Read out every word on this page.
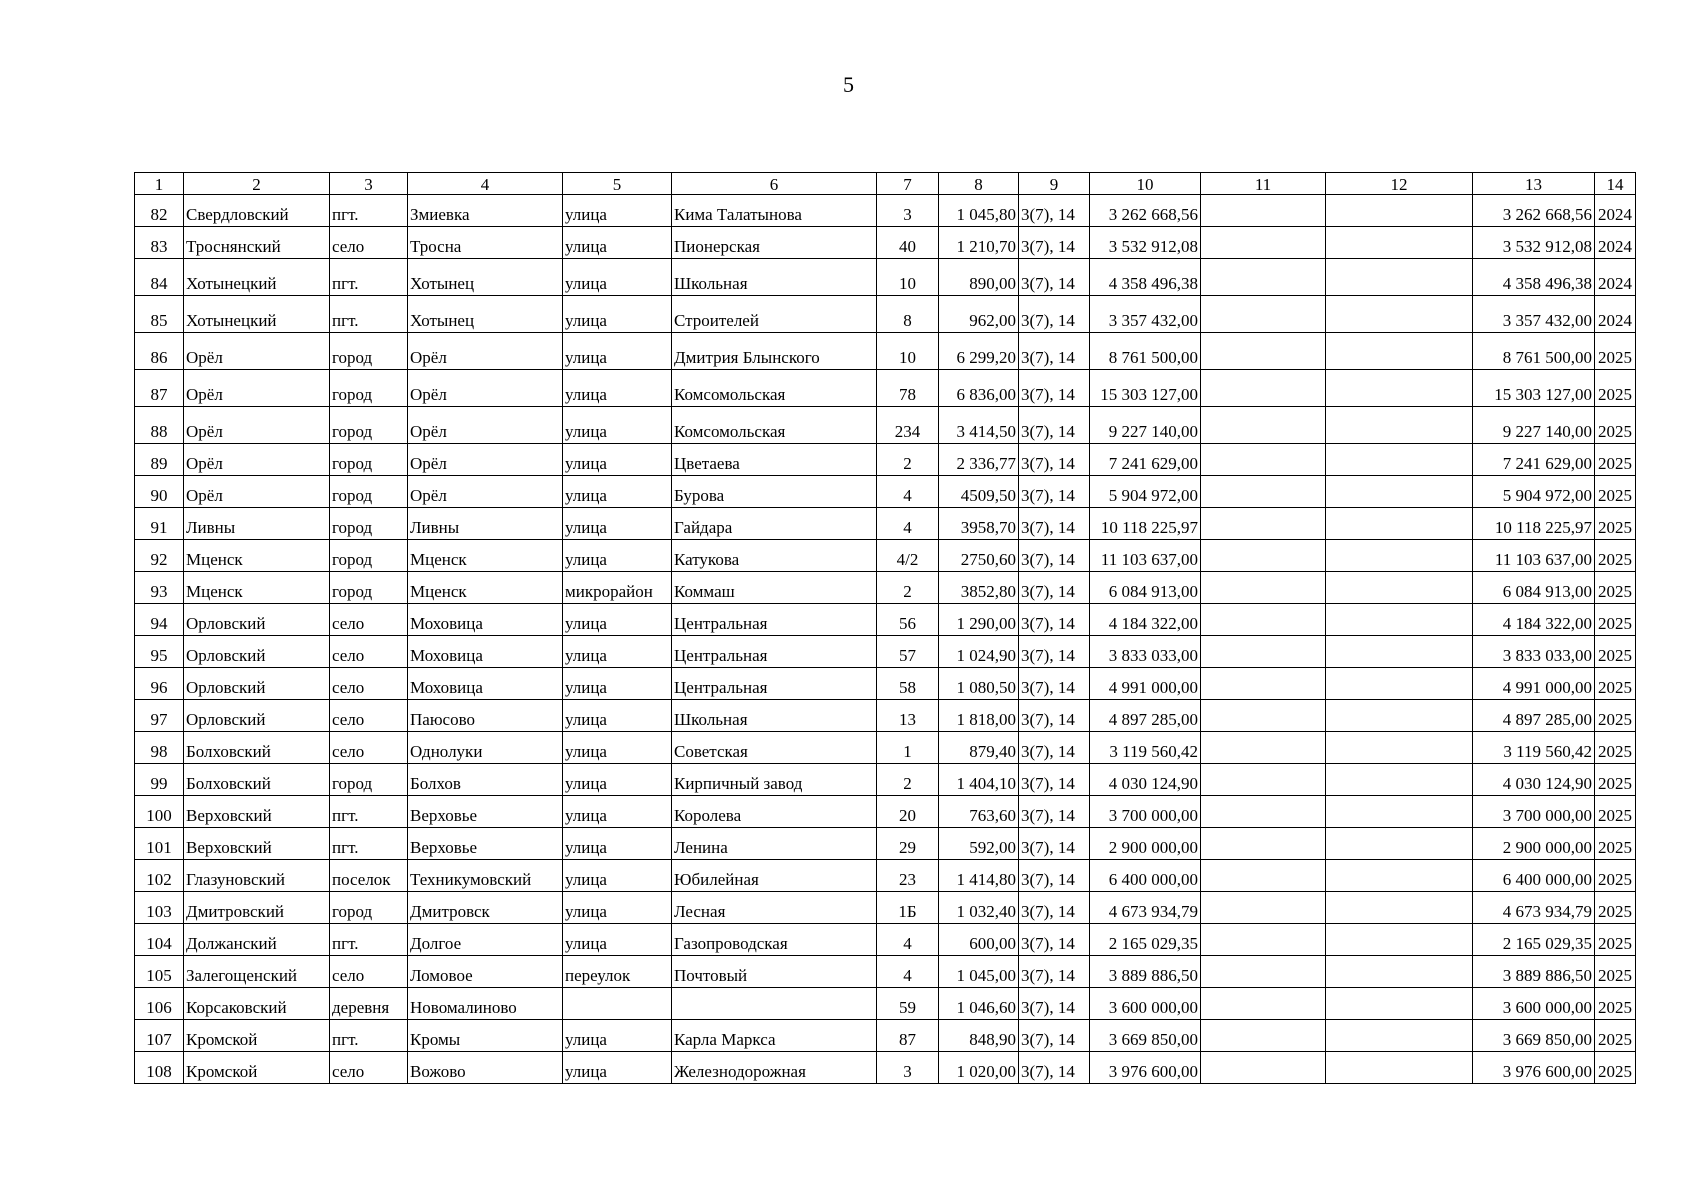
5
1	2	3	4	5	6	7	8	9	10	11	12	13	14
82	Свердловский	пгт.	Змиевка	улица	Кима Талатынова	3	1 045,80	3(7), 14	3 262 668,56			3 262 668,56	2024
83	Троснянский	село	Тросна	улица	Пионерская	40	1 210,70	3(7), 14	3 532 912,08			3 532 912,08	2024
84	Хотынецкий	пгт.	Хотынец	улица	Школьная	10	890,00	3(7), 14	4 358 496,38			4 358 496,38	2024
85	Хотынецкий	пгт.	Хотынец	улица	Строителей	8	962,00	3(7), 14	3 357 432,00			3 357 432,00	2024
86	Орёл	город	Орёл	улица	Дмитрия Блынского	10	6 299,20	3(7), 14	8 761 500,00			8 761 500,00	2025
87	Орёл	город	Орёл	улица	Комсомольская	78	6 836,00	3(7), 14	15 303 127,00			15 303 127,00	2025
88	Орёл	город	Орёл	улица	Комсомольская	234	3 414,50	3(7), 14	9 227 140,00			9 227 140,00	2025
89	Орёл	город	Орёл	улица	Цветаева	2	2 336,77	3(7), 14	7 241 629,00			7 241 629,00	2025
90	Орёл	город	Орёл	улица	Бурова	4	4509,50	3(7), 14	5 904 972,00			5 904 972,00	2025
91	Ливны	город	Ливны	улица	Гайдара	4	3958,70	3(7), 14	10 118 225,97			10 118 225,97	2025
92	Мценск	город	Мценск	улица	Катукова	4/2	2750,60	3(7), 14	11 103 637,00			11 103 637,00	2025
93	Мценск	город	Мценск	микрорайон	Коммаш	2	3852,80	3(7), 14	6 084 913,00			6 084 913,00	2025
94	Орловский	село	Моховица	улица	Центральная	56	1 290,00	3(7), 14	4 184 322,00			4 184 322,00	2025
95	Орловский	село	Моховица	улица	Центральная	57	1 024,90	3(7), 14	3 833 033,00			3 833 033,00	2025
96	Орловский	село	Моховица	улица	Центральная	58	1 080,50	3(7), 14	4 991 000,00			4 991 000,00	2025
97	Орловский	село	Паюсово	улица	Школьная	13	1 818,00	3(7), 14	4 897 285,00			4 897 285,00	2025
98	Болховский	село	Однолуки	улица	Советская	1	879,40	3(7), 14	3 119 560,42			3 119 560,42	2025
99	Болховский	город	Болхов	улица	Кирпичный завод	2	1 404,10	3(7), 14	4 030 124,90			4 030 124,90	2025
100	Верховский	пгт.	Верховье	улица	Королева	20	763,60	3(7), 14	3 700 000,00			3 700 000,00	2025
101	Верховский	пгт.	Верховье	улица	Ленина	29	592,00	3(7), 14	2 900 000,00			2 900 000,00	2025
102	Глазуновский	поселок	Техникумовский	улица	Юбилейная	23	1 414,80	3(7), 14	6 400 000,00			6 400 000,00	2025
103	Дмитровский	город	Дмитровск	улица	Лесная	1Б	1 032,40	3(7), 14	4 673 934,79			4 673 934,79	2025
104	Должанский	пгт.	Долгое	улица	Газопроводская	4	600,00	3(7), 14	2 165 029,35			2 165 029,35	2025
105	Залегощенский	село	Ломовое	переулок	Почтовый	4	1 045,00	3(7), 14	3 889 886,50			3 889 886,50	2025
106	Корсаковский	деревня	Новомалиново			59	1 046,60	3(7), 14	3 600 000,00			3 600 000,00	2025
107	Кромской	пгт.	Кромы	улица	Карла Маркса	87	848,90	3(7), 14	3 669 850,00			3 669 850,00	2025
108	Кромской	село	Вожово	улица	Железнодорожная	3	1 020,00	3(7), 14	3 976 600,00			3 976 600,00	2025
